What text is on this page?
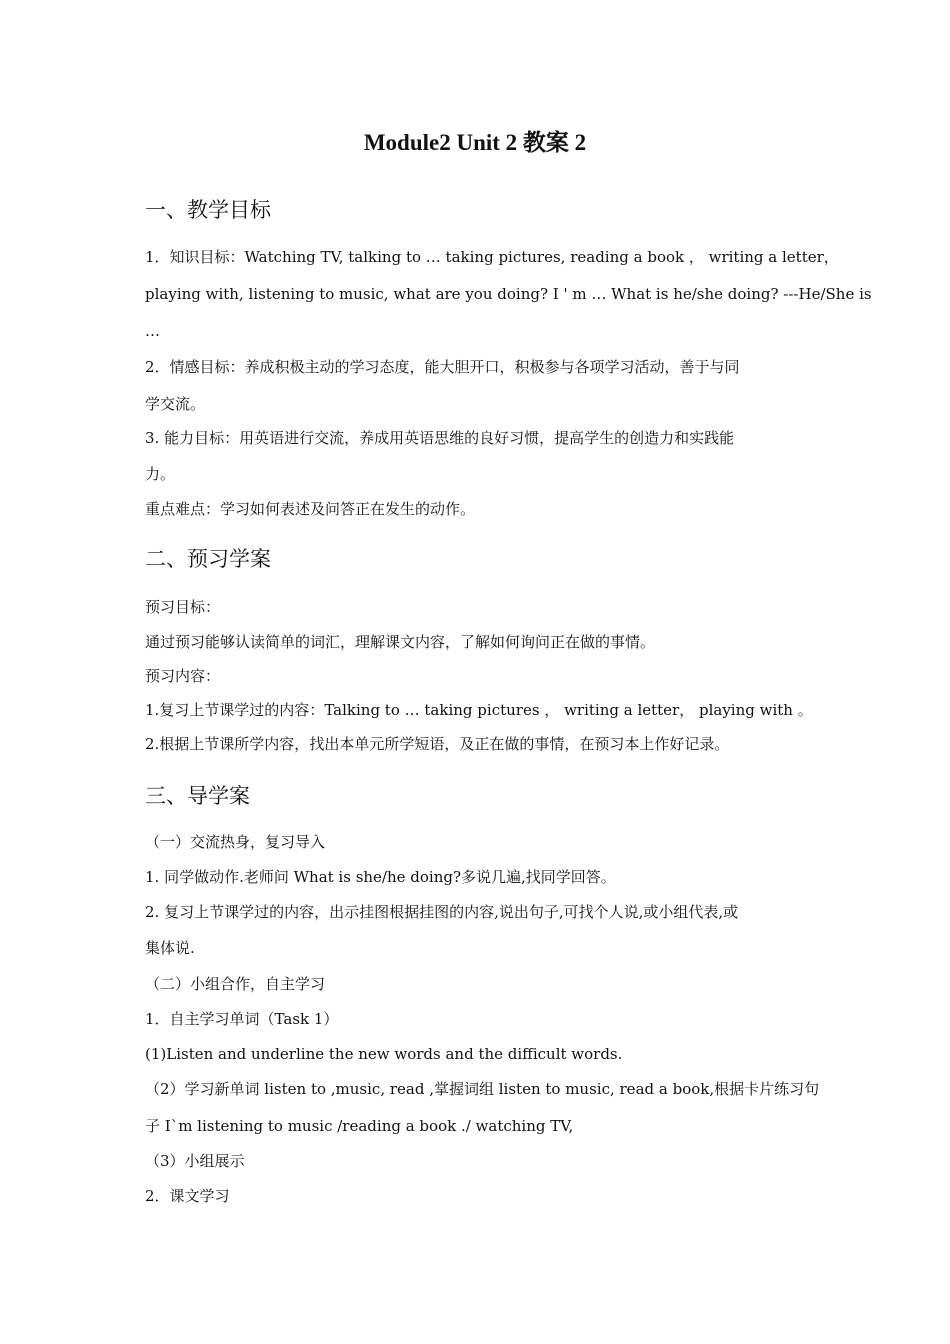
Module2 Unit 2 教案 2
一、教学目标
1．知识目标：Watching TV, talking to … taking pictures, reading a book ， writing a letter，
playing with, listening to music, what are you doing? I ' m … What is he/she doing? ---He/She is
…
2．情感目标：养成积极主动的学习态度，能大胆开口，积极参与各项学习活动，善于与同
学交流。
3. 能力目标：用英语进行交流，养成用英语思维的良好习惯，提高学生的创造力和实践能
力。
重点难点：学习如何表述及问答正在发生的动作。
二、预习学案
预习目标：
通过预习能够认读简单的词汇，理解课文内容，了解如何询问正在做的事情。
预习内容：
1.复习上节课学过的内容：Talking to … taking pictures ， writing a letter， playing with 。
2.根据上节课所学内容，找出本单元所学短语，及正在做的事情，在预习本上作好记录。
三、导学案
（一）交流热身，复习导入
1. 同学做动作.老师问 What is she/he doing?多说几遍,找同学回答。
2. 复习上节课学过的内容，出示挂图根据挂图的内容,说出句子,可找个人说,或小组代表,或
集体说.
（二）小组合作，自主学习
1．自主学习单词（Task 1）
(1)Listen and underline the new words and the difficult words.
（2）学习新单词 listen to ,music, read ,掌握词组 listen to music, read a book,根据卡片练习句
子 I`m listening to music /reading a book ./ watching TV,
（3）小组展示
2．课文学习
